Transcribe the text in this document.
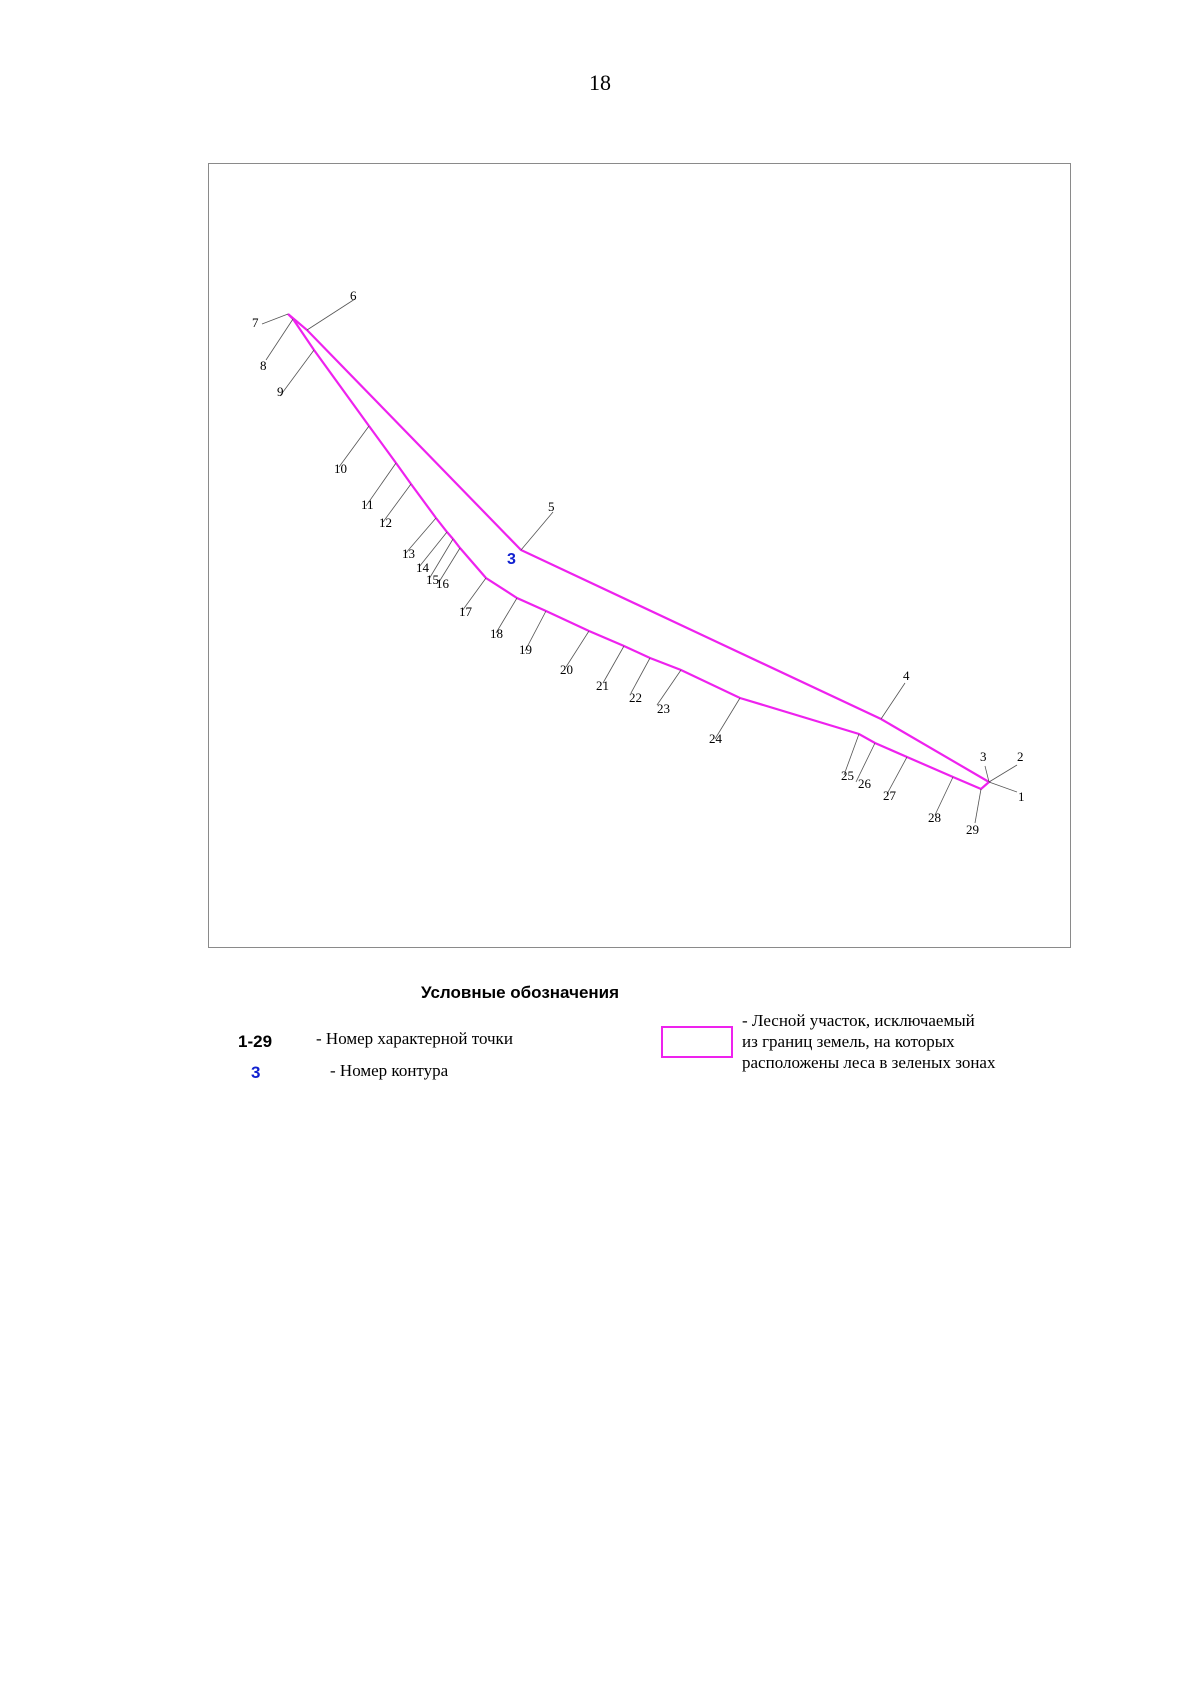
18
1
2
3
4
5
6
7
8
9
10
11
12
13
14
15
16
17
18
19
20
21
22
23
24
25
26
27
28
29
3
Условные обозначения
1-29	- Номер характерной точки
3	- Номер контура
- Лесной участок, исключаемый
из границ земель, на которых
расположены леса в зеленых зонах
